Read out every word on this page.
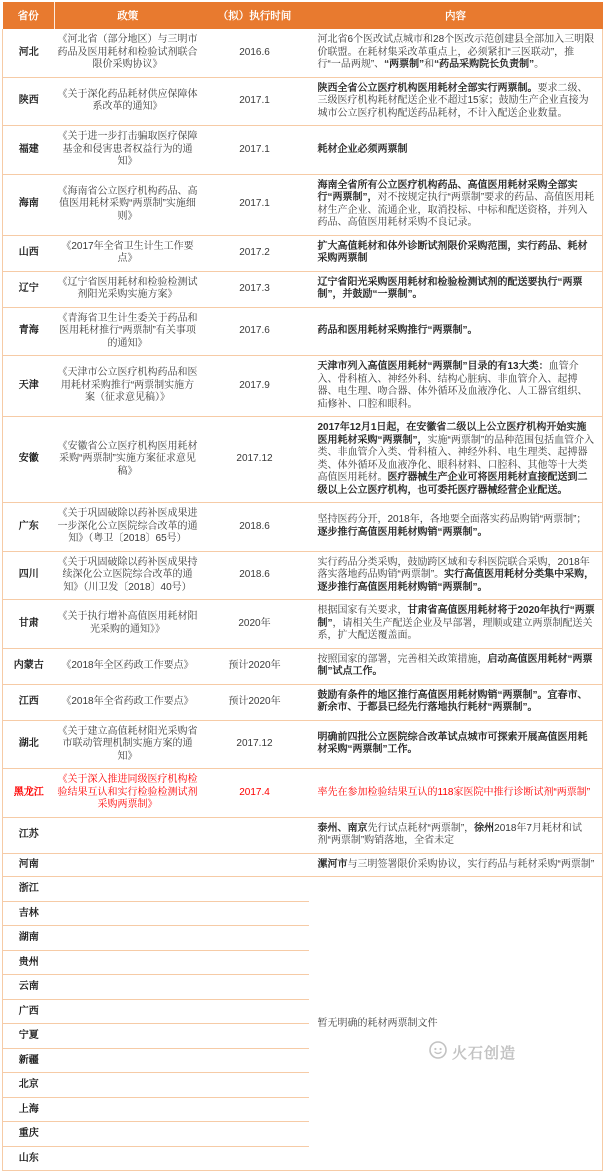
省份	政策	（拟）执行时间	内容
河北	《河北省（部分地区）与三明市药品及医用耗材和检验试剂联合限价采购协议》	2016.6	河北省6个医改试点城市和28个医改示范创建县全部加入三明限价联盟。在耗材集采改革重点上，必须紧扣“三医联动”，推行“一品两规”、“两票制”和“药品采购院长负责制”。
陕西	《关于深化药品耗材供应保障体系改革的通知》	2017.1	陕西全省公立医疗机构医用耗材全部实行两票制。要求二级、三级医疗机构耗材配送企业不超过15家；鼓励生产企业直接为城市公立医疗机构配送药品耗材，不计入配送企业数量。
福建	《关于进一步打击骗取医疗保障基金和侵害患者权益行为的通知》	2017.1	耗材企业必须两票制
海南	《海南省公立医疗机构药品、高值医用耗材采购“两票制”实施细则》	2017.1	海南全省所有公立医疗机构药品、高值医用耗材采购全部实行“两票制”，对不按规定执行“两票制”要求的药品、高值医用耗材生产企业、流通企业，取消投标、中标和配送资格，并列入药品、高值医用耗材采购不良记录。
山西	《2017年全省卫生计生工作要点》	2017.2	扩大高值耗材和体外诊断试剂限价采购范围，实行药品、耗材采购两票制
辽宁	《辽宁省医用耗材和检验检测试剂阳光采购实施方案》	2017.3	辽宁省阳光采购医用耗材和检验检测试剂的配送要执行“两票制”，并鼓励“一票制”。
青海	《青海省卫生计生委关于药品和医用耗材推行“两票制”有关事项的通知》	2017.6	药品和医用耗材采购推行“两票制”。
天津	《天津市公立医疗机构药品和医用耗材采购推行“两票制实施方案（征求意见稿）》	2017.9	天津市列入高值医用耗材“两票制”目录的有13大类：血管介入、骨科植入、神经外科、结构心脏病、非血管介入、起搏器、电生理、吻合器、体外循环及血液净化、人工器官组织、疝修补、口腔和眼科。
安徽	《安徽省公立医疗机构医用耗材采购“两票制”实施方案征求意见稿》	2017.12	2017年12月1日起，在安徽省二级以上公立医疗机构开始实施医用耗材采购“两票制”，实施“两票制”的品种范围包括血管介入类、非血管介入类、骨科植入、神经外科、电生理类、起搏器类、体外循环及血液净化、眼科材料、口腔科、其他等十大类高值医用耗材。医疗器械生产企业可将医用耗材直接配送到二级以上公立医疗机构，也可委托医疗器械经营企业配送。
广东	《关于巩固破除以药补医成果进一步深化公立医院综合改革的通知》（粤卫〔2018〕65号）	2018.6	坚持医药分开，2018年，各地要全面落实药品购销“两票制”；逐步推行高值医用耗材购销“两票制”。
四川	《关于巩固破除以药补医成果持续深化公立医院综合改革的通知》（川卫发〔2018〕40号）	2018.6	实行药品分类采购，鼓励跨区域和专科医院联合采购，2018年落实落地药品购销“两票制”。实行高值医用耗材分类集中采购，逐步推行高值医用耗材购销“两票制”。
甘肃	《关于执行增补高值医用耗材阳光采购的通知》》	2020年	根据国家有关要求，甘肃省高值医用耗材将于2020年执行“两票制”，请相关生产配送企业及早部署，理顺或建立两票制配送关系，扩大配送覆盖面。
内蒙古	《2018年全区药政工作要点》	预计2020年	按照国家的部署，完善相关政策措施，启动高值医用耗材“两票制”试点工作。
江西	《2018年全省药政工作要点》	预计2020年	鼓励有条件的地区推行高值医用耗材购销“两票制”。宜春市、新余市、于都县已经先行落地执行耗材“两票制”。
湖北	《关于建立高值耗材阳光采购省市联动管理机制实施方案的通知》	2017.12	明确前四批公立医院综合改革试点城市可探索开展高值医用耗材采购“两票制”工作。
黑龙江	《关于深入推进同级医疗机构检验结果互认和实行检验检测试剂采购两票制》	2017.4	率先在参加检验结果互认的118家医院中推行诊断试剂“两票制”
江苏			泰州、南京先行试点耗材“两票制”，徐州2018年7月耗材和试剂“两票制”购销落地，全省未定
河南			漯河市与三明签署限价采购协议，实行药品与耗材采购“两票制”
浙江			暂无明确的耗材两票制文件
吉林			
湖南			
贵州			
云南			
广西			
宁夏			
新疆			
北京			
上海			
重庆			
山东			
火石创造
